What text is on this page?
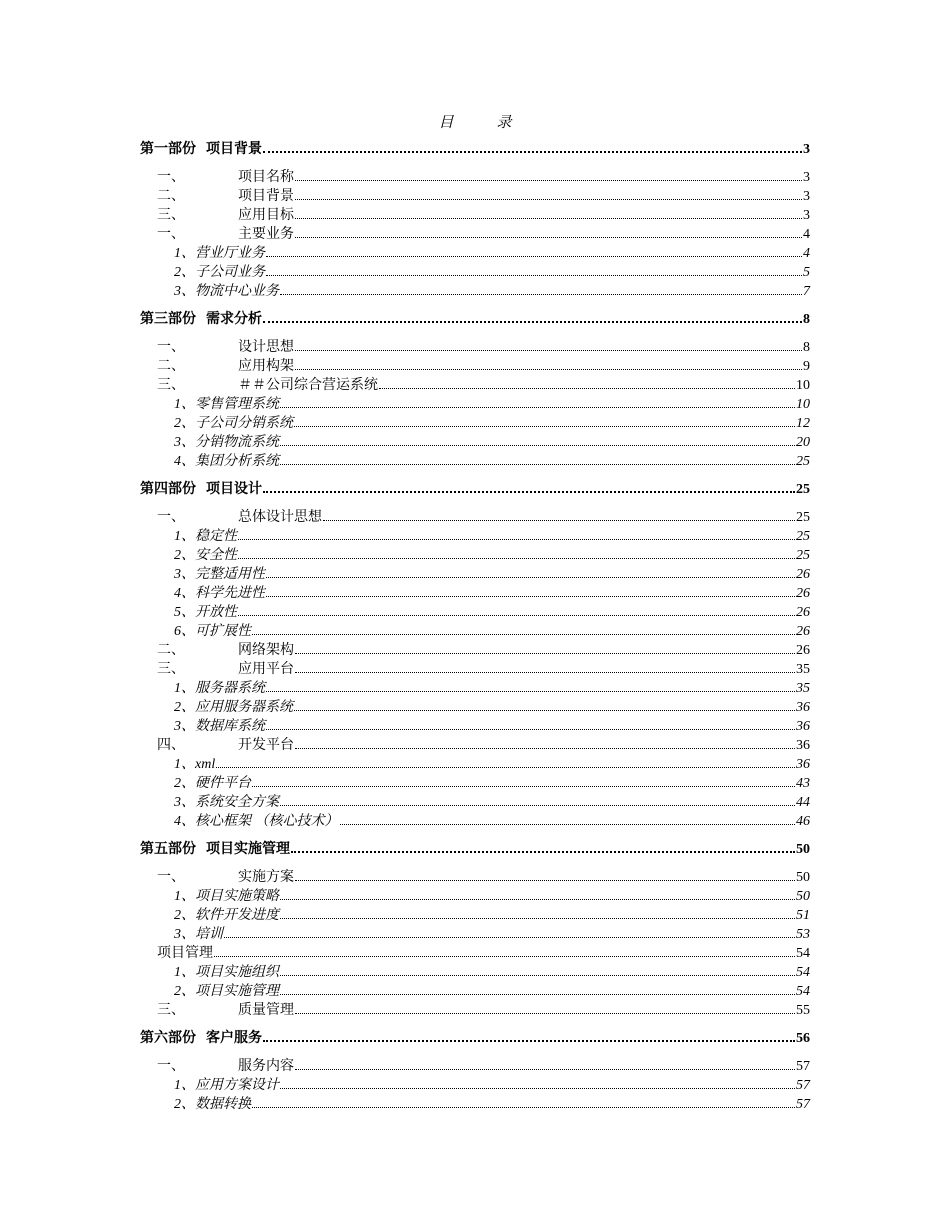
目　录
第一部份 项目背景	3
一、	项目名称	3
二、	项目背景	3
三、	应用目标	3
一、	主要业务	4
1、 营业厅业务	4
2、 子公司业务	5
3、 物流中心业务	7
第三部份 需求分析	8
一、	设计思想	8
二、	应用构架	9
三、	＃＃公司综合营运系统	10
1、 零售管理系统	10
2、 子公司分销系统	12
3、 分销物流系统	20
4、 集团分析系统	25
第四部份 项目设计	25
一、	总体设计思想	25
1、 稳定性	25
2、 安全性	25
3、 完整适用性	26
4、 科学先进性	26
5、 开放性	26
6、 可扩展性	26
二、	网络架构	26
三、	应用平台	35
1、 服务器系统	35
2、 应用服务器系统	36
3、 数据库系统	36
四、	开发平台	36
1、 xml	36
2、 硬件平台	43
3、 系统安全方案	44
4、 核心框架 （核心技术）	46
第五部份 项目实施管理	50
一、	实施方案	50
1、 项目实施策略	50
2、 软件开发进度	51
3、 培训	53
项目管理	54
1、 项目实施组织	54
2、 项目实施管理	54
三、	质量管理	55
第六部份 客户服务	56
一、	服务内容	57
1、 应用方案设计	57
2、 数据转换	57
